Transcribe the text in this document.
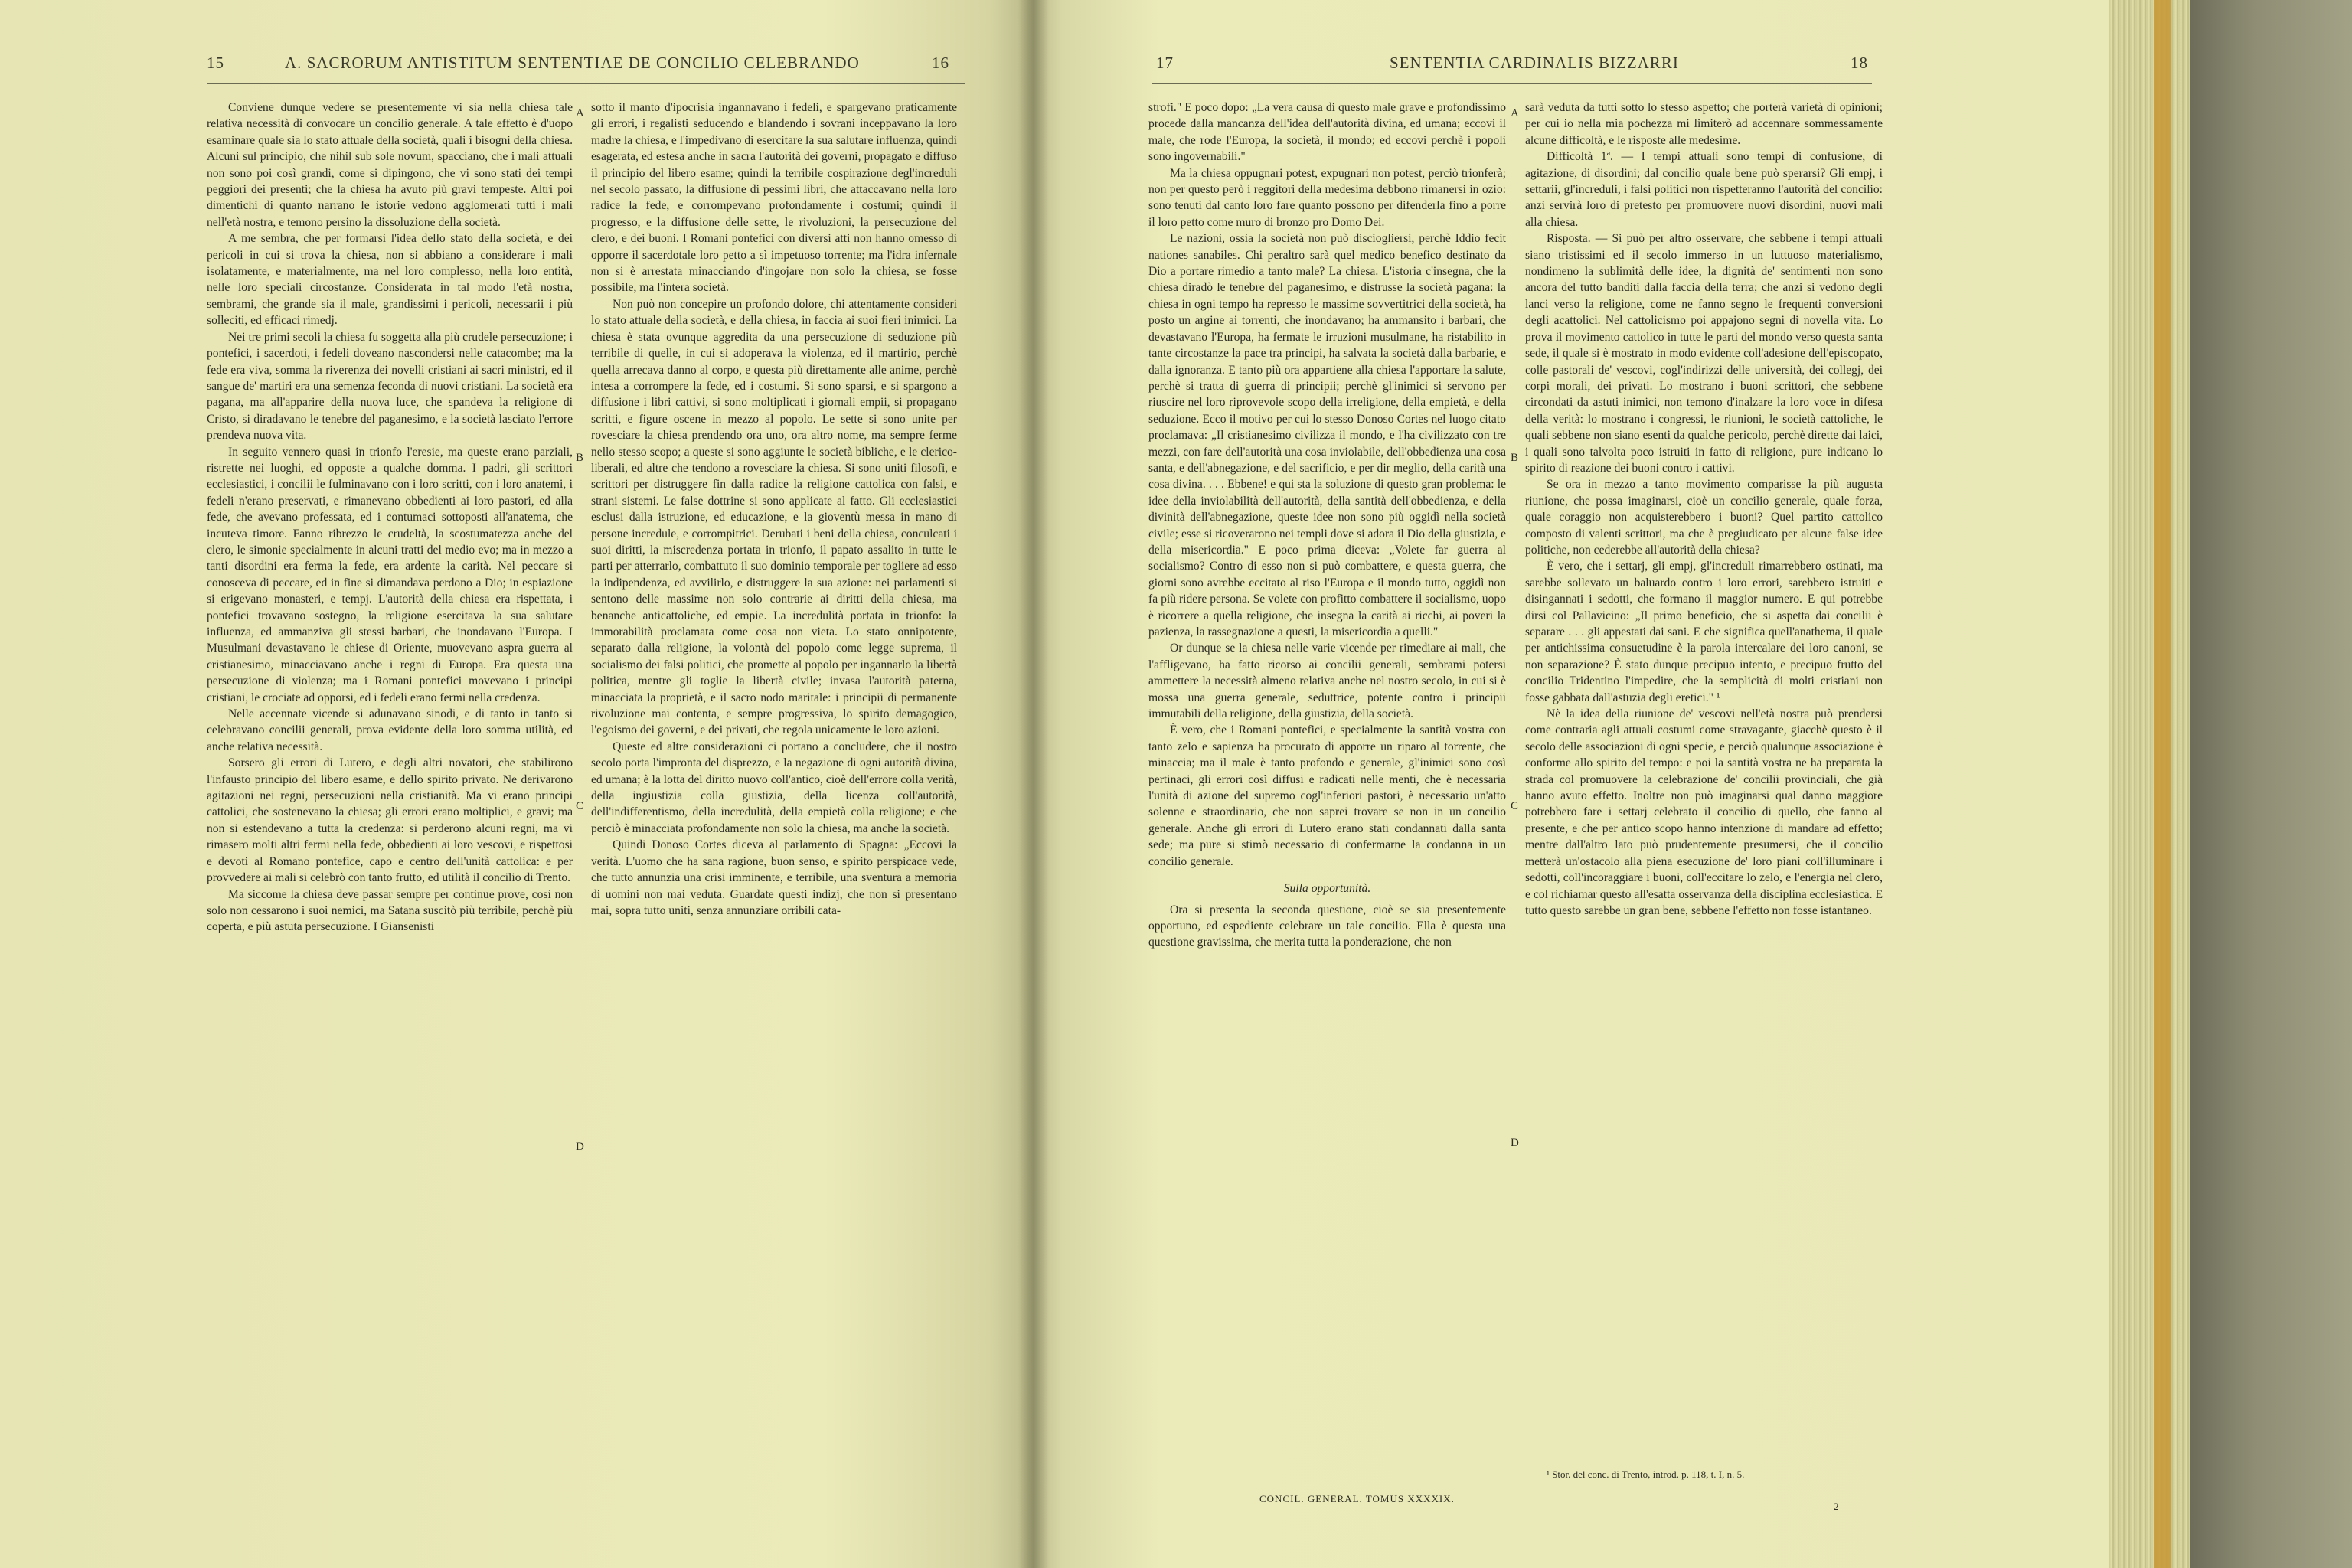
15	A. SACRORUM ANTISTITUM SENTENTIAE DE CONCILIO CELEBRANDO	16

Conviene dunque vedere se presentemente vi sia nella chiesa tale relativa necessità di convocare un concilio generale. A tale effetto è d'uopo esaminare quale sia lo stato attuale della società, quali i bisogni della chiesa. Alcuni sul principio, che nihil sub sole novum, spacciano, che i mali attuali non sono poi così grandi, come si dipingono, che vi sono stati dei tempi peggiori dei presenti; che la chiesa ha avuto più gravi tempeste. Altri poi dimentichi di quanto narrano le istorie vedono agglomerati tutti i mali nell'età nostra, e temono persino la dissoluzione della società.

A me sembra, che per formarsi l'idea dello stato della società, e dei pericoli in cui si trova la chiesa, non si abbiano a considerare i mali isolatamente, e materialmente, ma nel loro complesso, nella loro entità, nelle loro speciali circostanze. Considerata in tal modo l'età nostra, sembrami, che grande sia il male, grandissimi i pericoli, necessarii i più solleciti, ed efficaci rimedj.

Nei tre primi secoli la chiesa fu soggetta alla più crudele persecuzione; i pontefici, i sacerdoti, i fedeli doveano nascondersi nelle catacombe; ma la fede era viva, somma la riverenza dei novelli cristiani ai sacri ministri, ed il sangue de' martiri era una semenza feconda di nuovi cristiani. La società era pagana, ma all'apparire della nuova luce, che spandeva la religione di Cristo, si diradavano le tenebre del paganesimo, e la società lasciato l'errore prendeva nuova vita.

In seguito vennero quasi in trionfo l'eresie, ma queste erano parziali, ristrette nei luoghi, ed opposte a qualche domma. I padri, gli scrittori ecclesiastici, i concilii le fulminavano con i loro scritti, con i loro anatemi, i fedeli n'erano preservati, e rimanevano obbedienti ai loro pastori, ed alla fede, che avevano professata, ed i contumaci sottoposti all'anatema, che incuteva timore. Fanno ribrezzo le crudeltà, la scostumatezza anche del clero, le simonie specialmente in alcuni tratti del medio evo; ma in mezzo a tanti disordini era ferma la fede, era ardente la carità. Nel peccare si conosceva di peccare, ed in fine si dimandava perdono a Dio; in espiazione si erigevano monasteri, e tempj. L'autorità della chiesa era rispettata, i pontefici trovavano sostegno, la religione esercitava la sua salutare influenza, ed ammanziva gli stessi barbari, che inondavano l'Europa. I Musulmani devastavano le chiese di Oriente, muovevano aspra guerra al cristianesimo, minacciavano anche i regni di Europa. Era questa una persecuzione di violenza; ma i Romani pontefici movevano i principi cristiani, le crociate ad opporsi, ed i fedeli erano fermi nella credenza.

Nelle accennate vicende si adunavano sinodi, e di tanto in tanto si celebravano concilii generali, prova evidente della loro somma utilità, ed anche relativa necessità.

Sorsero gli errori di Lutero, e degli altri novatori, che stabilirono l'infausto principio del libero esame, e dello spirito privato. Ne derivarono agitazioni nei regni, persecuzioni nella cristianità. Ma vi erano principi cattolici, che sostenevano la chiesa; gli errori erano moltiplici, e gravi; ma non si estendevano a tutta la credenza: si perderono alcuni regni, ma vi rimasero molti altri fermi nella fede, obbedienti ai loro vescovi, e rispettosi e devoti al Romano pontefice, capo e centro dell'unità cattolica: e per provvedere ai mali si celebrò con tanto frutto, ed utilità il concilio di Trento.

Ma siccome la chiesa deve passar sempre per continue prove, così non solo non cessarono i suoi nemici, ma Satana suscitò più terribile, perchè più coperta, e più astuta persecuzione. I Giansenisti

A
B
C
D

sotto il manto d'ipocrisia ingannavano i fedeli, e spargevano praticamente gli errori, i regalisti seducendo e blandendo i sovrani inceppavano la loro madre la chiesa, e l'impedivano di esercitare la sua salutare influenza, quindi esagerata, ed estesa anche in sacra l'autorità dei governi, propagato e diffuso il principio del libero esame; quindi la terribile cospirazione degl'increduli nel secolo passato, la diffusione di pessimi libri, che attaccavano nella loro radice la fede, e corrompevano profondamente i costumi; quindi il progresso, e la diffusione delle sette, le rivoluzioni, la persecuzione del clero, e dei buoni. I Romani pontefici con diversi atti non hanno omesso di opporre il sacerdotale loro petto a sì impetuoso torrente; ma l'idra infernale non si è arrestata minacciando d'ingojare non solo la chiesa, se fosse possibile, ma l'intera società.

Non può non concepire un profondo dolore, chi attentamente consideri lo stato attuale della società, e della chiesa, in faccia ai suoi fieri inimici. La chiesa è stata ovunque aggredita da una persecuzione di seduzione più terribile di quelle, in cui si adoperava la violenza, ed il martirio, perchè quella arrecava danno al corpo, e questa più direttamente alle anime, perchè intesa a corrompere la fede, ed i costumi. Si sono sparsi, e si spargono a diffusione i libri cattivi, si sono moltiplicati i giornali empii, si propagano scritti, e figure oscene in mezzo al popolo. Le sette si sono unite per rovesciare la chiesa prendendo ora uno, ora altro nome, ma sempre ferme nello stesso scopo; a queste si sono aggiunte le società bibliche, e le clerico-liberali, ed altre che tendono a rovesciare la chiesa. Si sono uniti filosofi, e scrittori per distruggere fin dalla radice la religione cattolica con falsi, e strani sistemi. Le false dottrine si sono applicate al fatto. Gli ecclesiastici esclusi dalla istruzione, ed educazione, e la gioventù messa in mano di persone incredule, e corrompitrici. Derubati i beni della chiesa, conculcati i suoi diritti, la miscredenza portata in trionfo, il papato assalito in tutte le parti per atterrarlo, combattuto il suo dominio temporale per togliere ad esso la indipendenza, ed avvilirlo, e distruggere la sua azione: nei parlamenti si sentono delle massime non solo contrarie ai diritti della chiesa, ma benanche anticattoliche, ed empie. La incredulità portata in trionfo: la immorabilità proclamata come cosa non vieta. Lo stato onnipotente, separato dalla religione, la volontà del popolo come legge suprema, il socialismo dei falsi politici, che promette al popolo per ingannarlo la libertà politica, mentre gli toglie la libertà civile; invasa l'autorità paterna, minacciata la proprietà, e il sacro nodo maritale: i principii di permanente rivoluzione mai contenta, e sempre progressiva, lo spirito demagogico, l'egoismo dei governi, e dei privati, che regola unicamente le loro azioni.

Queste ed altre considerazioni ci portano a concludere, che il nostro secolo porta l'impronta del disprezzo, e la negazione di ogni autorità divina, ed umana; è la lotta del diritto nuovo coll'antico, cioè dell'errore colla verità, della ingiustizia colla giustizia, della licenza coll'autorità, dell'indifferentismo, della incredulità, della empietà colla religione; e che perciò è minacciata profondamente non solo la chiesa, ma anche la società.

Quindi Donoso Cortes diceva al parlamento di Spagna: „Eccovi la verità. L'uomo che ha sana ragione, buon senso, e spirito perspicace vede, che tutto annunzia una crisi imminente, e terribile, una sventura a memoria di uomini non mai veduta. Guardate questi indizj, che non si presentano mai, sopra tutto uniti, senza annunziare orribili cata-

17	SENTENTIA CARDINALIS BIZZARRI	18

strofi." E poco dopo: „La vera causa di questo male grave e profondissimo procede dalla mancanza dell'idea dell'autorità divina, ed umana; eccovi il male, che rode l'Europa, la società, il mondo; ed eccovi perchè i popoli sono ingovernabili."

Ma la chiesa oppugnari potest, expugnari non potest, perciò trionferà; non per questo però i reggitori della medesima debbono rimanersi in ozio: sono tenuti dal canto loro fare quanto possono per difenderla fino a porre il loro petto come muro di bronzo pro Domo Dei.

Le nazioni, ossia la società non può disciogliersi, perchè Iddio fecit nationes sanabiles. Chi peraltro sarà quel medico benefico destinato da Dio a portare rimedio a tanto male? La chiesa. L'istoria c'insegna, che la chiesa diradò le tenebre del paganesimo, e distrusse la società pagana: la chiesa in ogni tempo ha represso le massime sovvertitrici della società, ha posto un argine ai torrenti, che inondavano; ha ammansito i barbari, che devastavano l'Europa, ha fermate le irruzioni musulmane, ha ristabilito in tante circostanze la pace tra principi, ha salvata la società dalla barbarie, e dalla ignoranza. E tanto più ora appartiene alla chiesa l'apportare la salute, perchè si tratta di guerra di principii; perchè gl'inimici si servono per riuscire nel loro riprovevole scopo della irreligione, della empietà, e della seduzione. Ecco il motivo per cui lo stesso Donoso Cortes nel luogo citato proclamava: „Il cristianesimo civilizza il mondo, e l'ha civilizzato con tre mezzi, con fare dell'autorità una cosa inviolabile, dell'obbedienza una cosa santa, e dell'abnegazione, e del sacrificio, e per dir meglio, della carità una cosa divina. . . . Ebbene! e qui sta la soluzione di questo gran problema: le idee della inviolabilità dell'autorità, della santità dell'obbedienza, e della divinità dell'abnegazione, queste idee non sono più oggidì nella società civile; esse si ricoverarono nei templi dove si adora il Dio della giustizia, e della misericordia." E poco prima diceva: „Volete far guerra al socialismo? Contro di esso non si può combattere, e questa guerra, che giorni sono avrebbe eccitato al riso l'Europa e il mondo tutto, oggidì non fa più ridere persona. Se volete con profitto combattere il socialismo, uopo è ricorrere a quella religione, che insegna la carità ai ricchi, ai poveri la pazienza, la rassegnazione a questi, la misericordia a quelli."

Or dunque se la chiesa nelle varie vicende per rimediare ai mali, che l'affligevano, ha fatto ricorso ai concilii generali, sembrami potersi ammettere la necessità almeno relativa anche nel nostro secolo, in cui si è mossa una guerra generale, seduttrice, potente contro i principii immutabili della religione, della giustizia, della società.

È vero, che i Romani pontefici, e specialmente la santità vostra con tanto zelo e sapienza ha procurato di apporre un riparo al torrente, che minaccia; ma il male è tanto profondo e generale, gl'inimici sono così pertinaci, gli errori così diffusi e radicati nelle menti, che è necessaria l'unità di azione del supremo cogl'inferiori pastori, è necessario un'atto solenne e straordinario, che non saprei trovare se non in un concilio generale. Anche gli errori di Lutero erano stati condannati dalla santa sede; ma pure si stimò necessario di confermarne la condanna in un concilio generale.

Sulla opportunità.

Ora si presenta la seconda questione, cioè se sia presentemente opportuno, ed espediente celebrare un tale concilio. Ella è questa una questione gravissima, che merita tutta la ponderazione, che non

A
B
C
D

sarà veduta da tutti sotto lo stesso aspetto; che porterà varietà di opinioni; per cui io nella mia pochezza mi limiterò ad accennare sommessamente alcune difficoltà, e le risposte alle medesime.

Difficoltà 1ª. — I tempi attuali sono tempi di confusione, di agitazione, di disordini; dal concilio quale bene può sperarsi? Gli empj, i settarii, gl'increduli, i falsi politici non rispetteranno l'autorità del concilio: anzi servirà loro di pretesto per promuovere nuovi disordini, nuovi mali alla chiesa.

Risposta. — Si può per altro osservare, che sebbene i tempi attuali siano tristissimi ed il secolo immerso in un luttuoso materialismo, nondimeno la sublimità delle idee, la dignità de' sentimenti non sono ancora del tutto banditi dalla faccia della terra; che anzi si vedono degli lanci verso la religione, come ne fanno segno le frequenti conversioni degli acattolici. Nel cattolicismo poi appajono segni di novella vita. Lo prova il movimento cattolico in tutte le parti del mondo verso questa santa sede, il quale si è mostrato in modo evidente coll'adesione dell'episcopato, colle pastorali de' vescovi, cogl'indirizzi delle università, dei collegj, dei corpi morali, dei privati. Lo mostrano i buoni scrittori, che sebbene circondati da astuti inimici, non temono d'inalzare la loro voce in difesa della verità: lo mostrano i congressi, le riunioni, le società cattoliche, le quali sebbene non siano esenti da qualche pericolo, perchè dirette dai laici, i quali sono talvolta poco istruiti in fatto di religione, pure indicano lo spirito di reazione dei buoni contro i cattivi.

Se ora in mezzo a tanto movimento comparisse la più augusta riunione, che possa imaginarsi, cioè un concilio generale, quale forza, quale coraggio non acquisterebbero i buoni? Quel partito cattolico composto di valenti scrittori, ma che è pregiudicato per alcune false idee politiche, non cederebbe all'autorità della chiesa?

È vero, che i settarj, gli empj, gl'increduli rimarrebbero ostinati, ma sarebbe sollevato un baluardo contro i loro errori, sarebbero istruiti e disingannati i sedotti, che formano il maggior numero. E qui potrebbe dirsi col Pallavicino: „Il primo beneficio, che si aspetta dai concilii è separare . . . gli appestati dai sani. E che significa quell'anathema, il quale per antichissima consuetudine è la parola intercalare dei loro canoni, se non separazione? È stato dunque precipuo intento, e precipuo frutto del concilio Tridentino l'impedire, che la semplicità di molti cristiani non fosse gabbata dall'astuzia degli eretici." ¹

Nè la idea della riunione de' vescovi nell'età nostra può prendersi come contraria agli attuali costumi come stravagante, giacchè questo è il secolo delle associazioni di ogni specie, e perciò qualunque associazione è conforme allo spirito del tempo: e poi la santità vostra ne ha preparata la strada col promuovere la celebrazione de' concilii provinciali, che già hanno avuto effetto. Inoltre non può imaginarsi qual danno maggiore potrebbero fare i settarj celebrato il concilio di quello, che fanno al presente, e che per antico scopo hanno intenzione di mandare ad effetto; mentre dall'altro lato può prudentemente presumersi, che il concilio metterà un'ostacolo alla piena esecuzione de' loro piani coll'illuminare i sedotti, coll'incoraggiare i buoni, coll'eccitare lo zelo, e l'energia nel clero, e col richiamar questo all'esatta osservanza della disciplina ecclesiastica. E tutto questo sarebbe un gran bene, sebbene l'effetto non fosse istantaneo.

¹ Stor. del conc. di Trento, introd. p. 118, t. I, n. 5.
CONCIL. GENERAL. TOMUS XXXXIX.
2
